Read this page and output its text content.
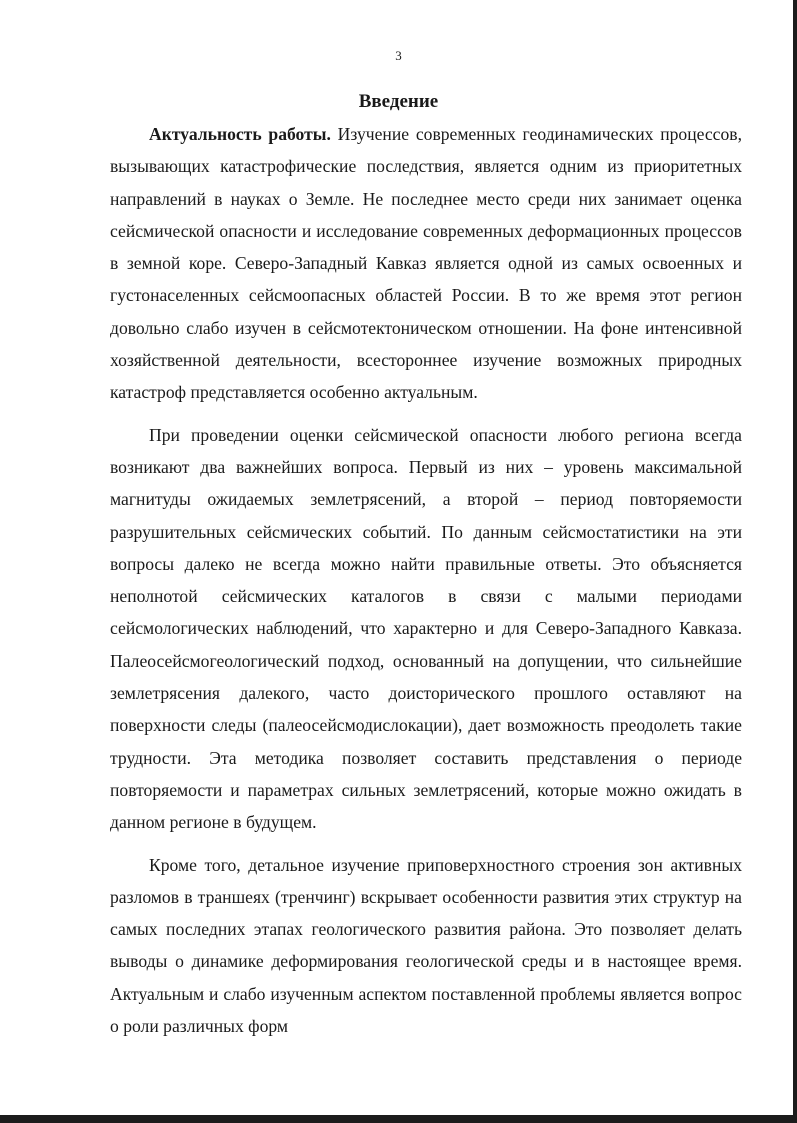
3
Введение

Актуальность работы. Изучение современных геодинамических процессов, вызывающих катастрофические последствия, является одним из приоритетных направлений в науках о Земле. Не последнее место среди них занимает оценка сейсмической опасности и исследование современных деформационных процессов в земной коре. Северо-Западный Кавказ является одной из самых освоенных и густонаселенных сейсмоопасных областей России. В то же время этот регион довольно слабо изучен в сейсмотектоническом отношении. На фоне интенсивной хозяйственной деятельности, всестороннее изучение возможных природных катастроф представляется особенно актуальным.

При проведении оценки сейсмической опасности любого региона всегда возникают два важнейших вопроса. Первый из них – уровень максимальной магнитуды ожидаемых землетрясений, а второй – период повторяемости разрушительных сейсмических событий. По данным сейсмостатистики на эти вопросы далеко не всегда можно найти правильные ответы. Это объясняется неполнотой сейсмических каталогов в связи с малыми периодами сейсмологических наблюдений, что характерно и для Северо-Западного Кавказа. Палеосейсмогеологический подход, основанный на допущении, что сильнейшие землетрясения далекого, часто доисторического прошлого оставляют на поверхности следы (палеосейсмодислокации), дает возможность преодолеть такие трудности. Эта методика позволяет составить представления о периоде повторяемости и параметрах сильных землетрясений, которые можно ожидать в данном регионе в будущем.

Кроме того, детальное изучение приповерхностного строения зон активных разломов в траншеях (тренчинг) вскрывает особенности развития этих структур на самых последних этапах геологического развития района. Это позволяет делать выводы о динамике деформирования геологической среды и в настоящее время. Актуальным и слабо изученным аспектом поставленной проблемы является вопрос о роли различных форм
